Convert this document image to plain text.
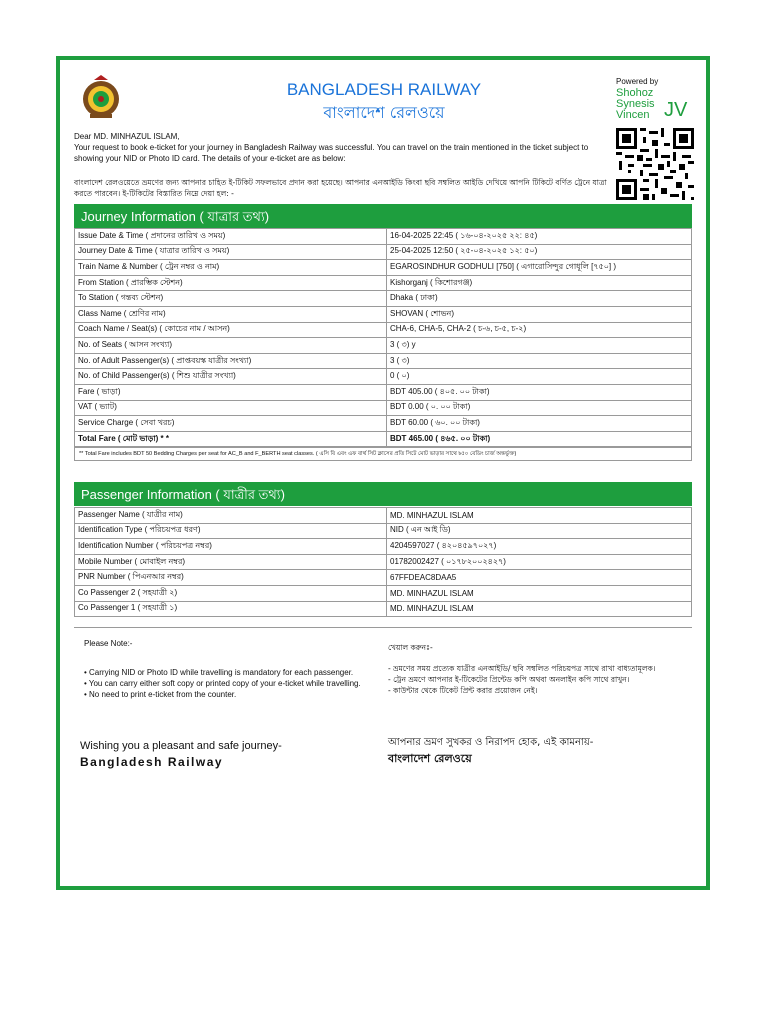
BANGLADESH RAILWAY
বাংলাদেশ রেলওয়ে
Powered by
Shohoz
Synesis
Vincen JV
Dear MD. MINHAZUL ISLAM,
Your request to book e-ticket for your journey in Bangladesh Railway was successful. You can travel on the train mentioned in the ticket subject to showing your NID or Photo ID card. The details of your e-ticket are as below:
বাংলাদেশ রেলওয়েতে ভ্রমণের জন্য আপনার চাহিত ই-টিকিট সফলভাবে প্রদান করা হয়েছে। আপনার এনআইডি কিংবা ছবি সম্বলিত আইডি দেখিয়ে আপনি টিকিটে বর্ণিত ট্রেনে যাত্রা করতে পারবেন। ই-টিকিটের বিস্তারিত নিম্নে দেয়া হল: -
Journey Information ( যাত্রার তথ্য)
Issue Date & Time ( প্রদানের তারিখ ও সময়)	16-04-2025 22:45 ( ১৬-০৪-২০২৫ ২২: ৪৫)
Journey Date & Time ( যাত্রার তারিখ ও সময়)	25-04-2025 12:50 ( ২৫-০৪-২০২৫ ১২: ৫০)
Train Name & Number ( ট্রেন নম্বর ও নাম)	EGAROSINDHUR GODHULI [750] ( এগারোসিন্দুর গোধূলি [৭৫০] )
From Station ( প্রারম্ভিক স্টেশন)	Kishorganj ( কিশোরগঞ্জ)
To Station ( গন্তব্য স্টেশন)	Dhaka ( ঢাকা)
Class Name ( শ্রেণির নাম)	SHOVAN ( শোভন)
Coach Name / Seat(s) ( কোচের নাম / আসন)	CHA-6, CHA-5, CHA-2 ( চ-৬, চ-৫, চ-২)
No. of Seats ( আসন সংখ্যা)	3 ( ৩) y
No. of Adult Passenger(s) ( প্রাপ্তবয়স্ক যাত্রীর সংখ্যা)	3 ( ৩)
No. of Child Passenger(s) ( শিশু যাত্রীর সংখ্যা)	0 ( ০)
Fare ( ভাড়া)	BDT 405.00 ( ৪০৫. ০০ টাকা)
VAT ( ভ্যাট)	BDT 0.00 ( ০. ০০ টাকা)
Service Charge ( সেবা খরচ)	BDT 60.00 ( ৬০. ০০ টাকা)
Total Fare ( মোট ভাড়া) * *	BDT 465.00 ( ৪৬৫. ০০ টাকা)
** Total Fare includes BDT 50 Bedding Charges per seat for AC_B and F_BERTH seat classes. ( এসি বি এবং এফ বার্থ সিট ক্লাসের প্রতি সিটে মোট ভাড়ার সাথে ৳৫০ বেডিং চার্জ অন্তর্ভুক্ত)
Passenger Information ( যাত্রীর তথ্য)
Passenger Name ( যাত্রীর নাম)	MD. MINHAZUL ISLAM
Identification Type ( পরিচয়পত্র ধরণ)	NID ( এন আই ডি)
Identification Number ( পরিচয়পত্র নম্বর)	4204597027 ( ৪২০৪৫৯৭০২৭)
Mobile Number ( মোবাইল নম্বর)	01782002427 ( ০১৭৮২০০২৪২৭)
PNR Number ( পিএনআর নম্বর)	67FFDEAC8DAA5
Co Passenger 2 ( সহযাত্রী ২)	MD. MINHAZUL ISLAM
Co Passenger 1 ( সহযাত্রী ১)	MD. MINHAZUL ISLAM
Please Note:-
• Carrying NID or Photo ID while travelling is mandatory for each passenger.
• You can carry either soft copy or printed copy of your e-ticket while travelling.
• No need to print e-ticket from the counter.
খেয়াল করুনঃ-
- ভ্রমণের সময় প্রত্যেক যাত্রীর এনআইডি/ ছবি সম্বলিত পরিচয়পত্র সাথে রাখা বাধ্যতামূলক।
- ট্রেন ভ্রমণে আপনার ই-টিকেটের প্রিন্টেড কপি অথবা অনলাইন কপি সাথে রাখুন।
- কাউন্টার থেকে টিকেট প্রিন্ট করার প্রয়োজন নেই।
Wishing you a pleasant and safe journey-
Bangladesh Railway
আপনার ভ্রমণ সুখকর ও নিরাপদ হোক, এই কামনায়-
বাংলাদেশ রেলওয়ে
